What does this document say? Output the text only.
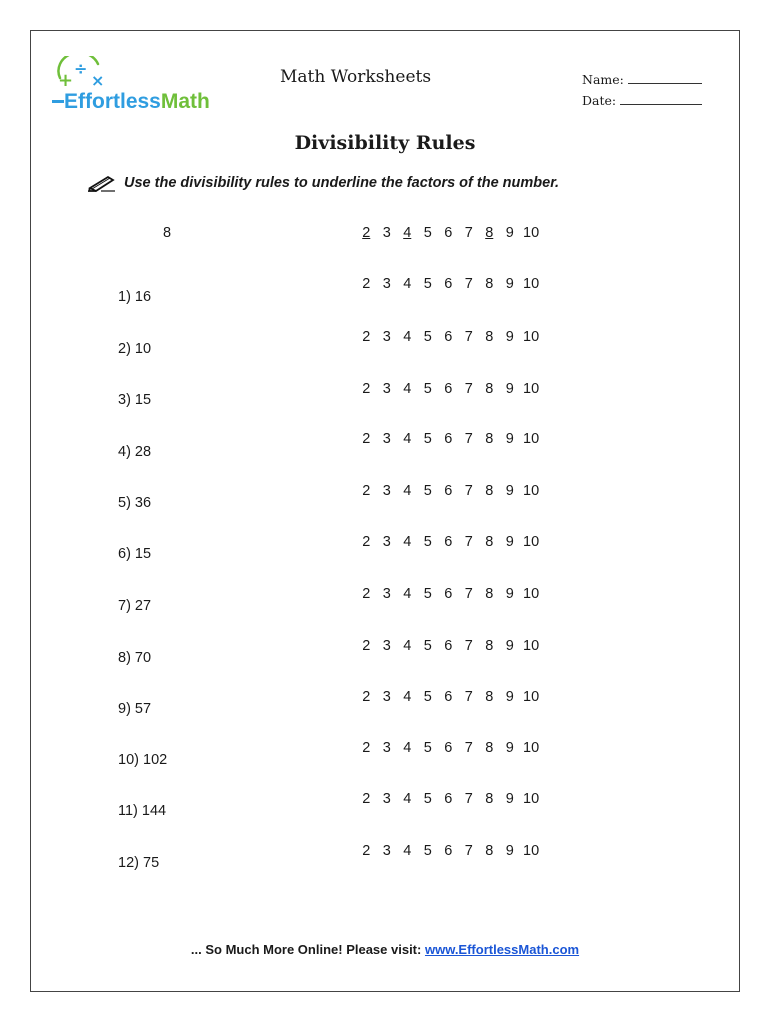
+
÷
×
EffortlessMath
Math Worksheets	Name:
Date:
Divisibility Rules
Use the divisibility rules to underline the factors of the number.
8	2 3 4 5 6 7 8 9 10
1) 16
2 3 4 5 6 7 8 9 10
2) 10
2 3 4 5 6 7 8 9 10
3) 15
2 3 4 5 6 7 8 9 10
4) 28
2 3 4 5 6 7 8 9 10
5) 36
2 3 4 5 6 7 8 9 10
6) 15
2 3 4 5 6 7 8 9 10
7) 27
2 3 4 5 6 7 8 9 10
8) 70
2 3 4 5 6 7 8 9 10
9) 57
2 3 4 5 6 7 8 9 10
10) 102
2 3 4 5 6 7 8 9 10
11) 144
2 3 4 5 6 7 8 9 10
12) 75
2 3 4 5 6 7 8 9 10
... So Much More Online! Please visit: www.EffortlessMath.com
